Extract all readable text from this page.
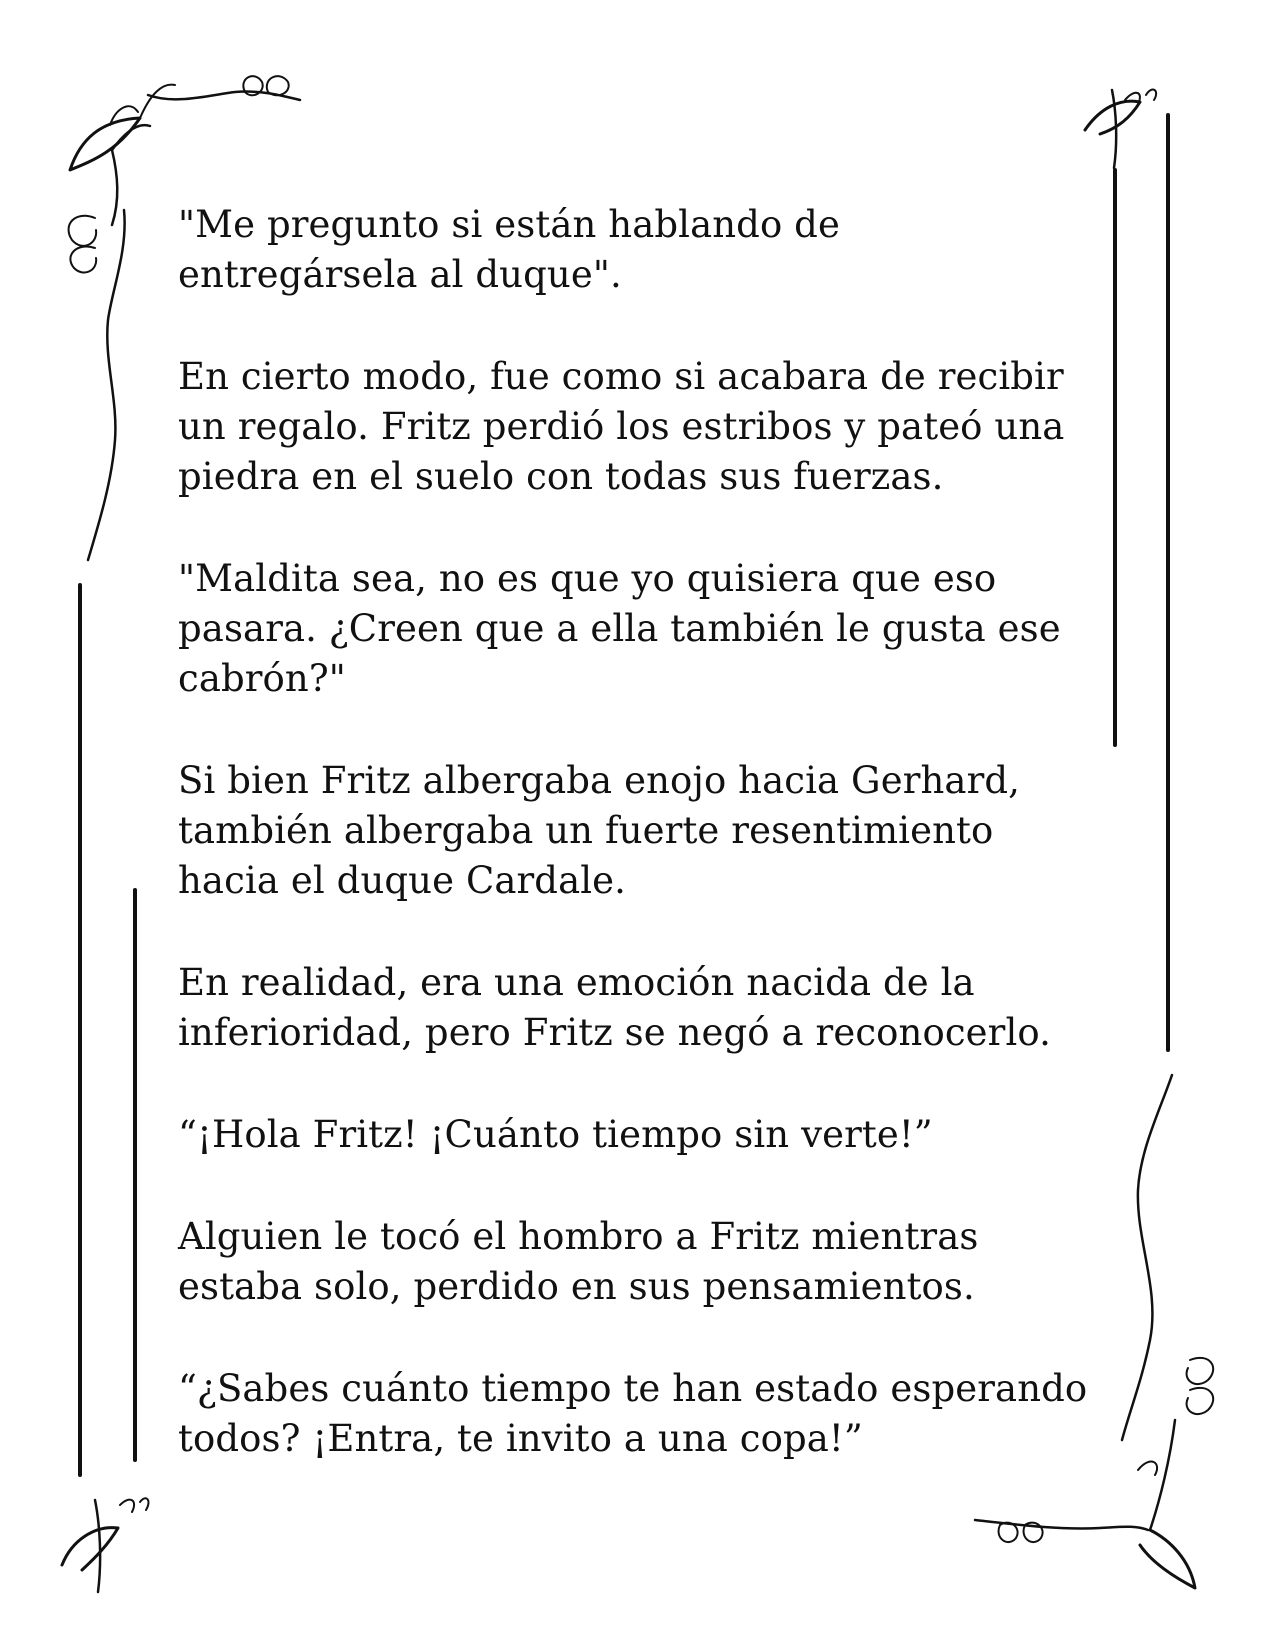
"Me pregunto si están hablando de
entregársela al duque".

En cierto modo, fue como si acabara de recibir
un regalo. Fritz perdió los estribos y pateó una
piedra en el suelo con todas sus fuerzas.

"Maldita sea, no es que yo quisiera que eso
pasara. ¿Creen que a ella también le gusta ese
cabrón?"

Si bien Fritz albergaba enojo hacia Gerhard,
también albergaba un fuerte resentimiento
hacia el duque Cardale.

En realidad, era una emoción nacida de la
inferioridad, pero Fritz se negó a reconocerlo.

“¡Hola Fritz! ¡Cuánto tiempo sin verte!”

Alguien le tocó el hombro a Fritz mientras
estaba solo, perdido en sus pensamientos.

“¿Sabes cuánto tiempo te han estado esperando
todos? ¡Entra, te invito a una copa!”
